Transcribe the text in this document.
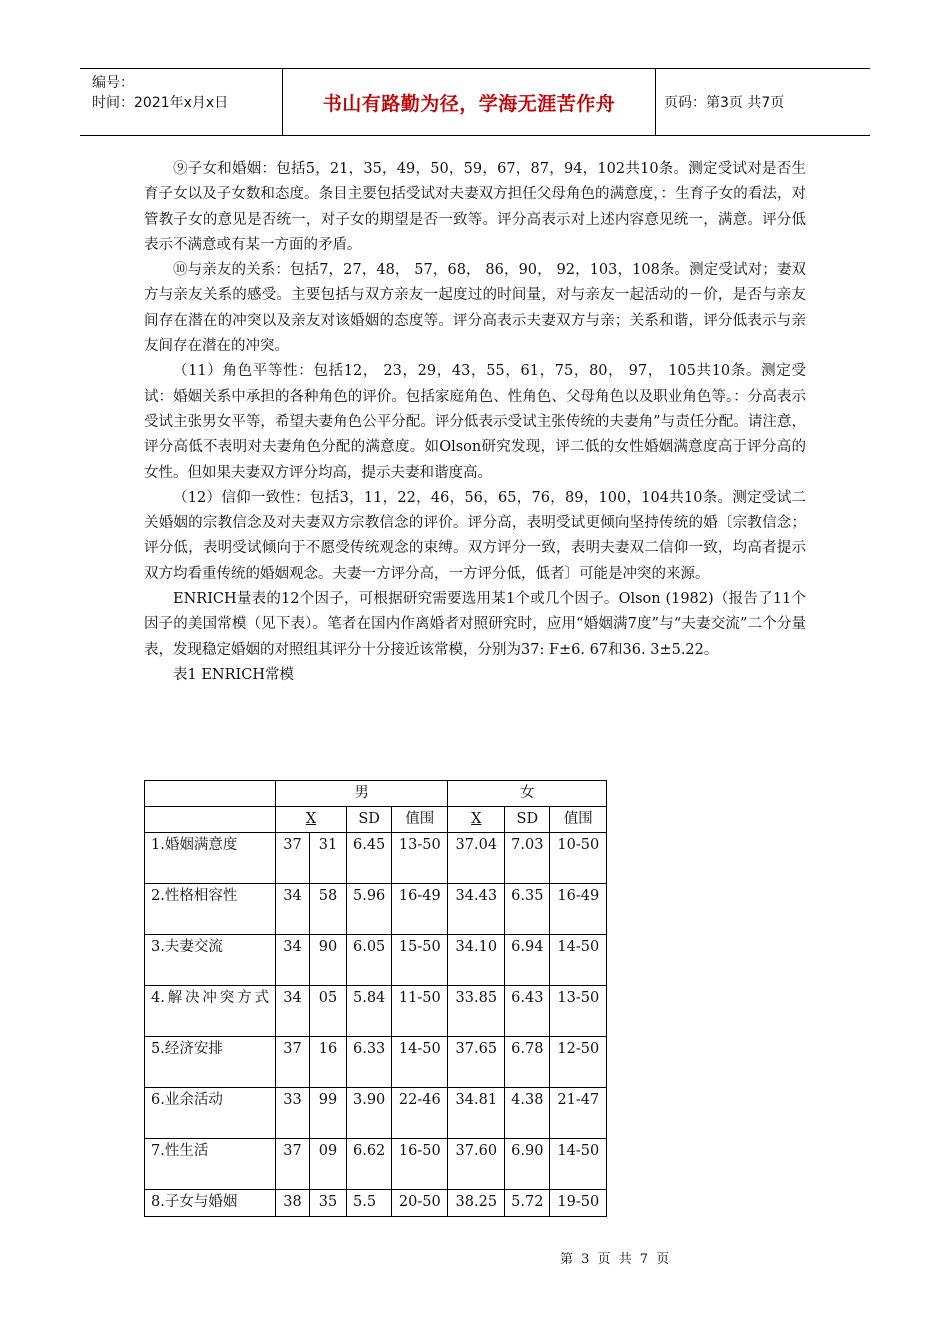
编号：
时间：2021年x月x日	书山有路勤为径，学海无涯苦作舟	页码：第3页 共7页

⑨子女和婚姻：包括5，21，35，49，50，59，67，87，94，102共10条。测定受试对是否生育子女以及子女数和态度。条目主要包括受试对夫妻双方担任父母角色的满意度，：生育子女的看法，对管教子女的意见是否统一，对子女的期望是否一致等。评分高表示对上述内容意见统一，满意。评分低表示不满意或有某一方面的矛盾。

⑩与亲友的关系：包括7，27，48， 57，68， 86，90， 92，103，108条。测定受试对；妻双方与亲友关系的感受。主要包括与双方亲友一起度过的时间量，对与亲友一起活动的－价，是否与亲友间存在潜在的冲突以及亲友对该婚姻的态度等。评分高表示夫妻双方与亲；关系和谐，评分低表示与亲友间存在潜在的冲突。

（11）角色平等性：包括12， 23，29，43，55，61，75，80， 97， 105共10条。测定受试：婚姻关系中承担的各种角色的评价。包括家庭角色、性角色、父母角色以及职业角色等。：分高表示受试主张男女平等，希望夫妻角色公平分配。评分低表示受试主张传统的夫妻角”与责任分配。请注意，评分高低不表明对夫妻角色分配的满意度。如Olson研究发现，评二低的女性婚姻满意度高于评分高的女性。但如果夫妻双方评分均高，提示夫妻和谐度高。

（12）信仰一致性：包括3，11，22，46，56，65，76，89，100，104共10条。测定受试二关婚姻的宗教信念及对夫妻双方宗教信念的评价。评分高，表明受试更倾向坚持传统的婚〔宗教信念；评分低，表明受试倾向于不愿受传统观念的束缚。双方评分一致，表明夫妻双二信仰一致，均高者提示双方均看重传统的婚姻观念。夫妻一方评分高，一方评分低，低者〕可能是冲突的来源。

ENRICH量表的12个因子，可根据研究需要选用某1个或几个因子。Olson (1982)（报告了11个因子的美国常模（见下表）。笔者在国内作离婚者对照研究时，应用“婚姻满7度”与“夫妻交流”二个分量表，发现稳定婚姻的对照组其评分十分接近该常模，分别为37: F±6. 67和36. 3±5.22。

表1 ENRICH常模

	男				女		
	X		SD	值围	X	SD	值围
1.婚姻满意度	37	31	6.45	13-50	37.04	7.03	10-50
2.性格相容性	34	58	5.96	16-49	34.43	6.35	16-49
3.夫妻交流	34	90	6.05	15-50	34.10	6.94	14-50
4.解决冲突方式	34	05	5.84	11-50	33.85	6.43	13-50
5.经济安排	37	16	6.33	14-50	37.65	6.78	12-50
6.业余活动	33	99	3.90	22-46	34.81	4.38	21-47
7.性生活	37	09	6.62	16-50	37.60	6.90	14-50
8.子女与婚姻	38	35	5.5	20-50	38.25	5.72	19-50
第 3 页 共 7 页
